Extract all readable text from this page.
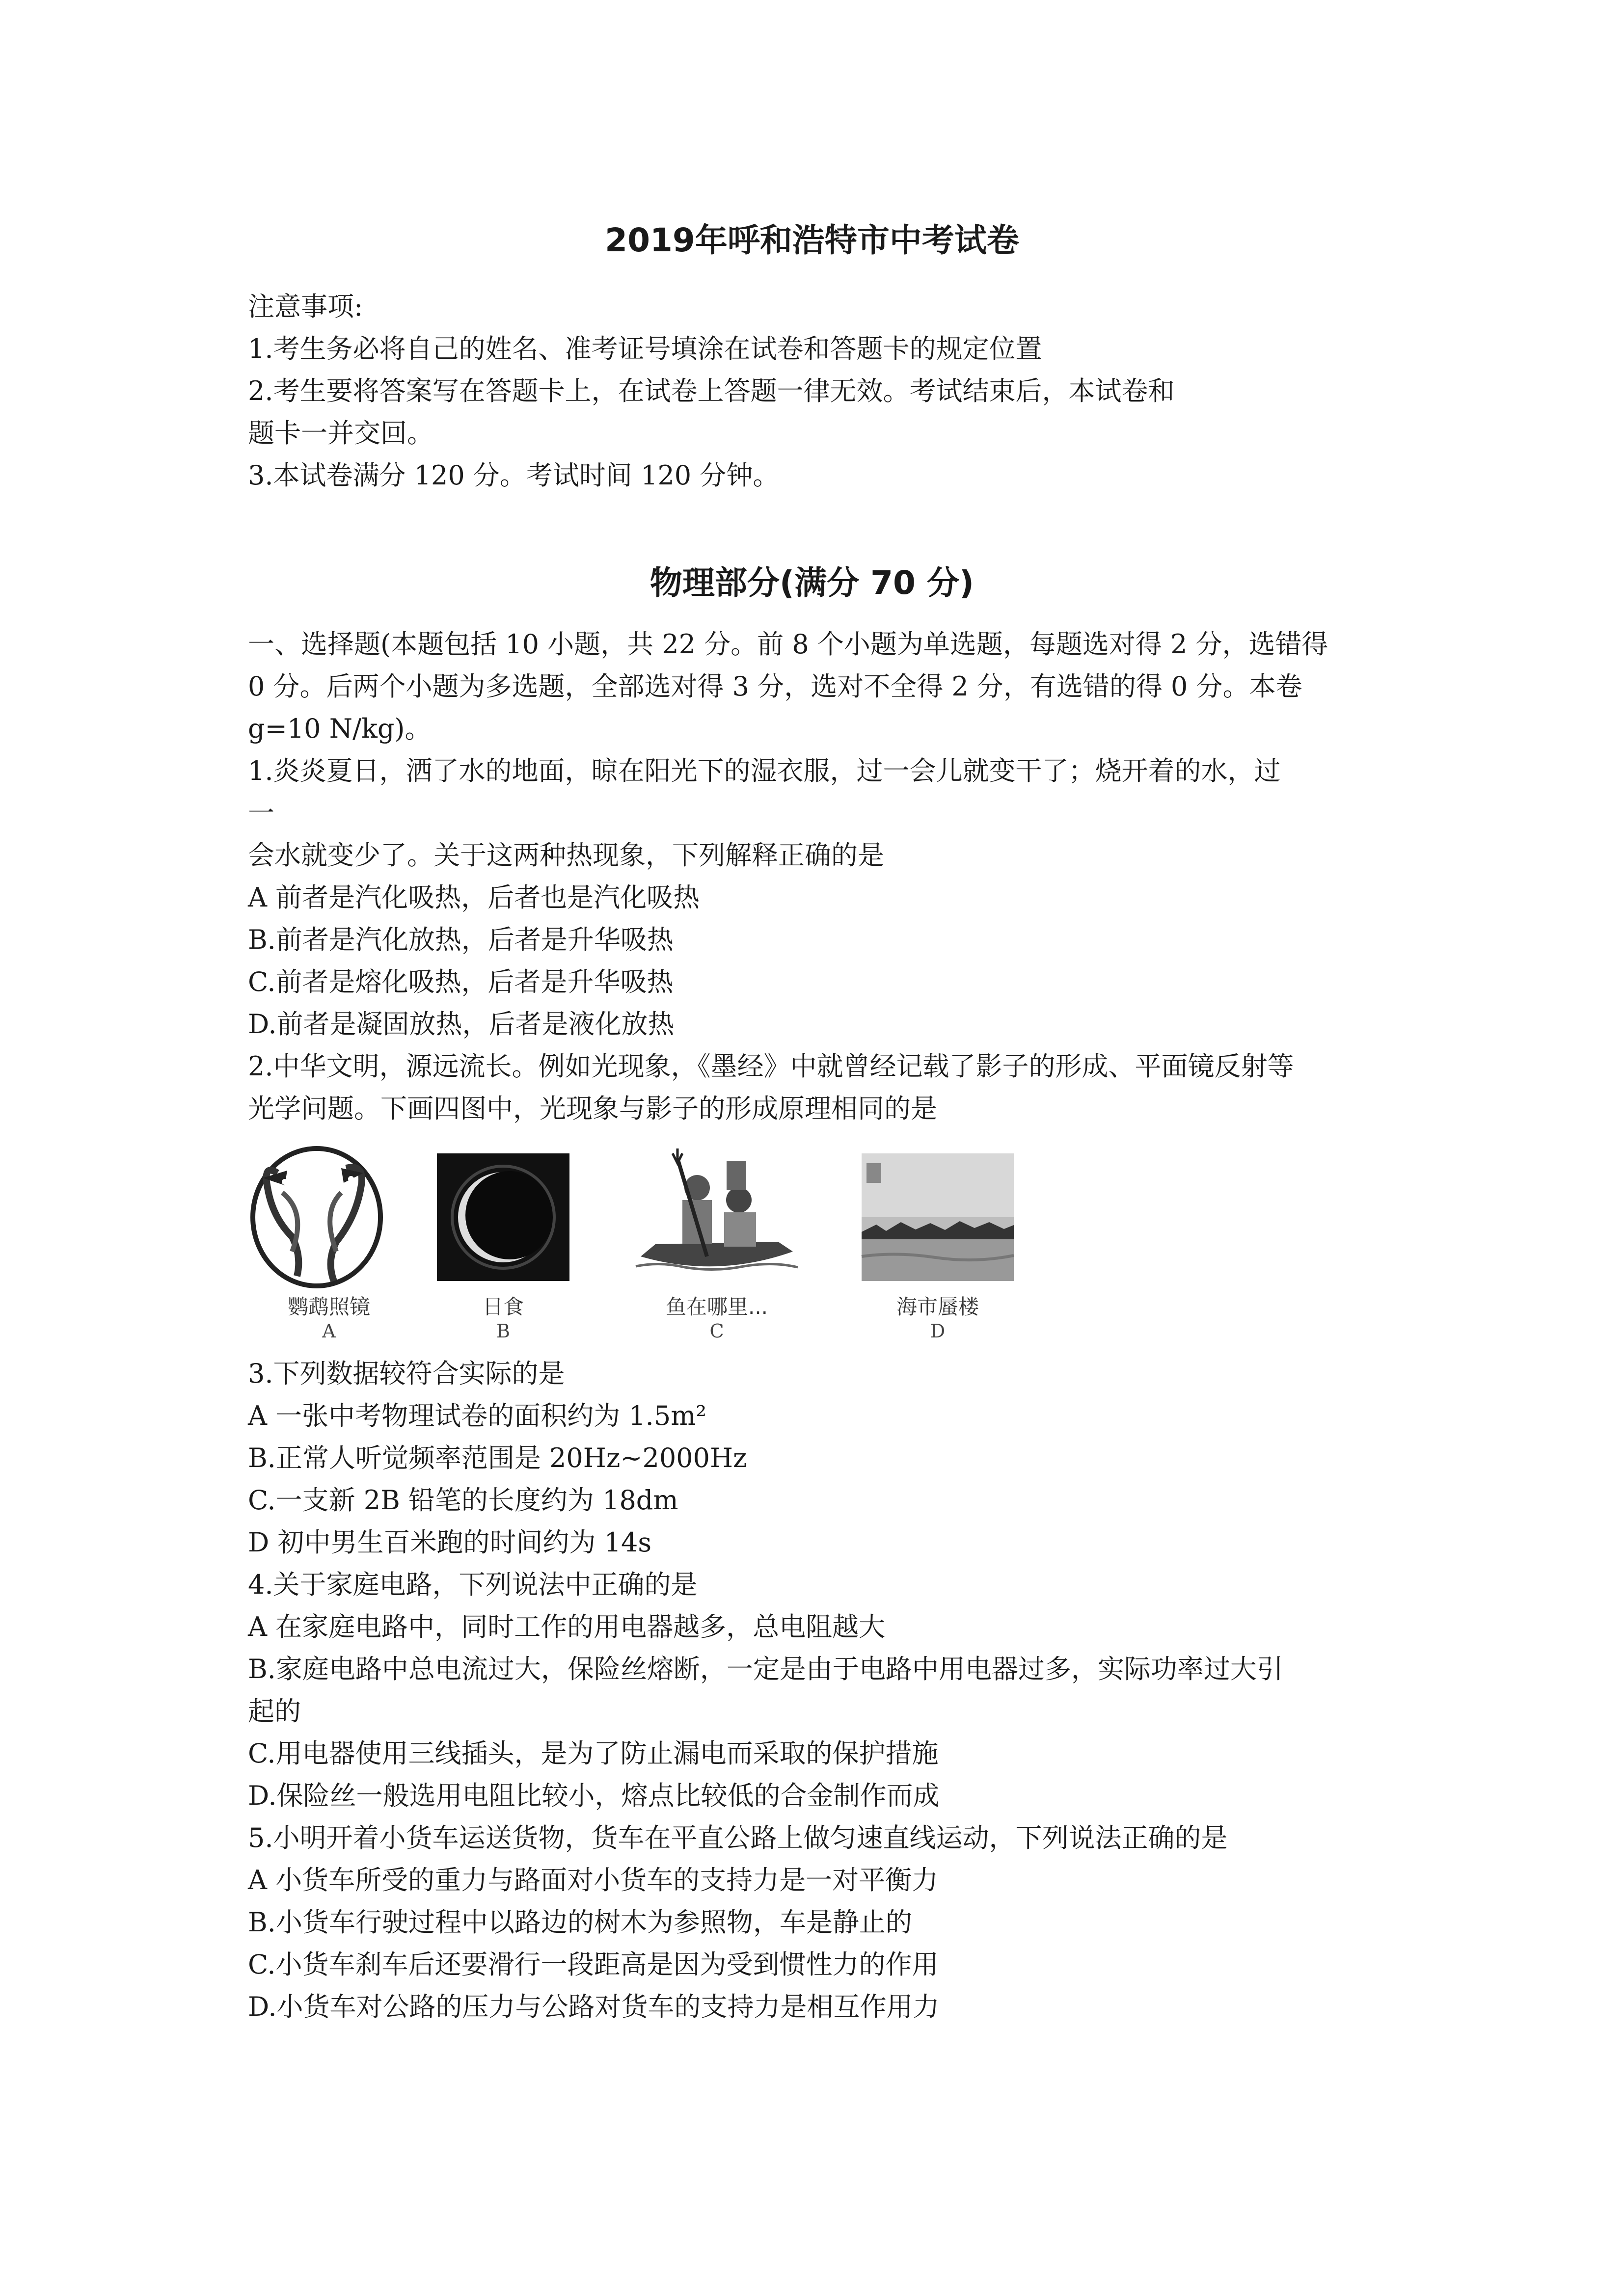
2019年呼和浩特市中考试卷
注意事项:
1.考生务必将自己的姓名、准考证号填涂在试卷和答题卡的规定位置
2.考生要将答案写在答题卡上，在试卷上答题一律无效。考试结束后，本试卷和
题卡一并交回。
3.本试卷满分 120 分。考试时间 120 分钟。
物理部分(满分 70 分)
一、选择题(本题包括 10 小题，共 22 分。前 8 个小题为单选题，每题选对得 2 分，选错得
0 分。后两个小题为多选题，全部选对得 3 分，选对不全得 2 分，有选错的得 0 分。本卷
g=10 N/kg)。
1.炎炎夏日，洒了水的地面，晾在阳光下的湿衣服，过一会儿就变干了；烧开着的水，过
一
会水就变少了。关于这两种热现象，下列解释正确的是
A 前者是汽化吸热，后者也是汽化吸热
B.前者是汽化放热，后者是升华吸热
C.前者是熔化吸热，后者是升华吸热
D.前者是凝固放热，后者是液化放热
2.中华文明，源远流长。例如光现象，《墨经》中就曾经记载了影子的形成、平面镜反射等
光学问题。下画四图中，光现象与影子的形成原理相同的是
鹦鹉照镜
A
日食
B
鱼在哪里...
C
海市蜃楼
D
3.下列数据较符合实际的是
A 一张中考物理试卷的面积约为 1.5m²
B.正常人听觉频率范围是 20Hz~2000Hz
C.一支新 2B 铅笔的长度约为 18dm
D 初中男生百米跑的时间约为 14s
4.关于家庭电路，下列说法中正确的是
A 在家庭电路中，同时工作的用电器越多，总电阻越大
B.家庭电路中总电流过大，保险丝熔断，一定是由于电路中用电器过多，实际功率过大引
起的
C.用电器使用三线插头，是为了防止漏电而采取的保护措施
D.保险丝一般选用电阻比较小，熔点比较低的合金制作而成
5.小明开着小货车运送货物，货车在平直公路上做匀速直线运动，下列说法正确的是
A 小货车所受的重力与路面对小货车的支持力是一对平衡力
B.小货车行驶过程中以路边的树木为参照物，车是静止的
C.小货车刹车后还要滑行一段距高是因为受到惯性力的作用
D.小货车对公路的压力与公路对货车的支持力是相互作用力
